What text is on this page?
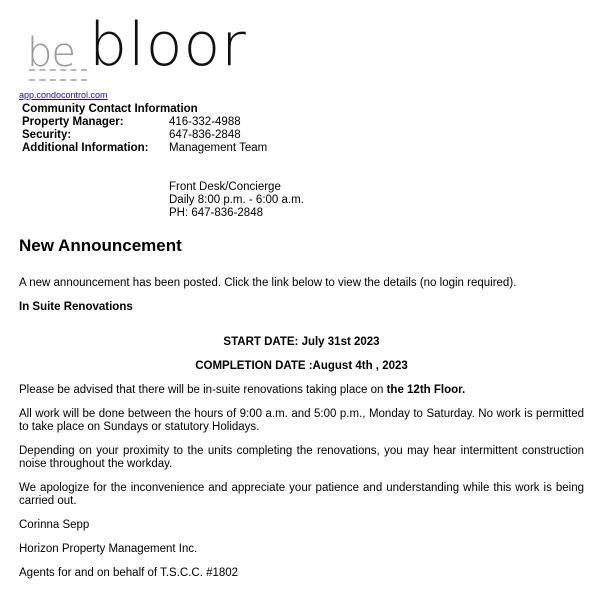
be bloor
app.condocontrol.com
Community Contact Information
Property Manager:	416-332-4988
Security:	647-836-2848
Additional Information:	Management Team
Front Desk/Concierge
Daily 8:00 p.m. - 6:00 a.m.
PH: 647-836-2848
New Announcement

A new announcement has been posted. Click the link below to view the details (no login required).

In Suite Renovations

START DATE: July 31st 2023

COMPLETION DATE :August 4th , 2023

Please be advised that there will be in-suite renovations taking place on the 12th Floor.

All work will be done between the hours of 9:00 a.m. and 5:00 p.m., Monday to Saturday. No work is permitted to take place on Sundays or statutory Holidays.

Depending on your proximity to the units completing the renovations, you may hear intermittent construction noise throughout the workday.

We apologize for the inconvenience and appreciate your patience and understanding while this work is being carried out.

Corinna Sepp

Horizon Property Management Inc.

Agents for and on behalf of T.S.C.C. #1802
